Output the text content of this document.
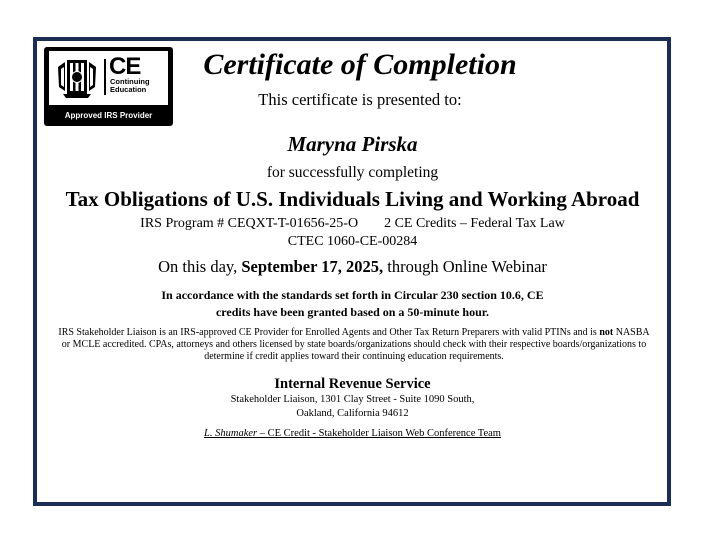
CE
Continuing
Education
Approved IRS Provider
Certificate of Completion
This certificate is presented to:
Maryna Pirska
for successfully completing
Tax Obligations of U.S. Individuals Living and Working Abroad
IRS Program # CEQXT-T-01656-25-O 2 CE Credits – Federal Tax Law
CTEC 1060-CE-00284
On this day, September 17, 2025, through Online Webinar
In accordance with the standards set forth in Circular 230 section 10.6, CE
credits have been granted based on a 50-minute hour.
IRS Stakeholder Liaison is an IRS-approved CE Provider for Enrolled Agents and Other Tax Return Preparers with valid PTINs and is not NASBA or MCLE accredited. CPAs, attorneys and others licensed by state boards/organizations should check with their respective boards/organizations to determine if credit applies toward their continuing education requirements.
Internal Revenue Service
Stakeholder Liaison, 1301 Clay Street - Suite 1090 South,
Oakland, California 94612
L. Shumaker – CE Credit - Stakeholder Liaison Web Conference Team
